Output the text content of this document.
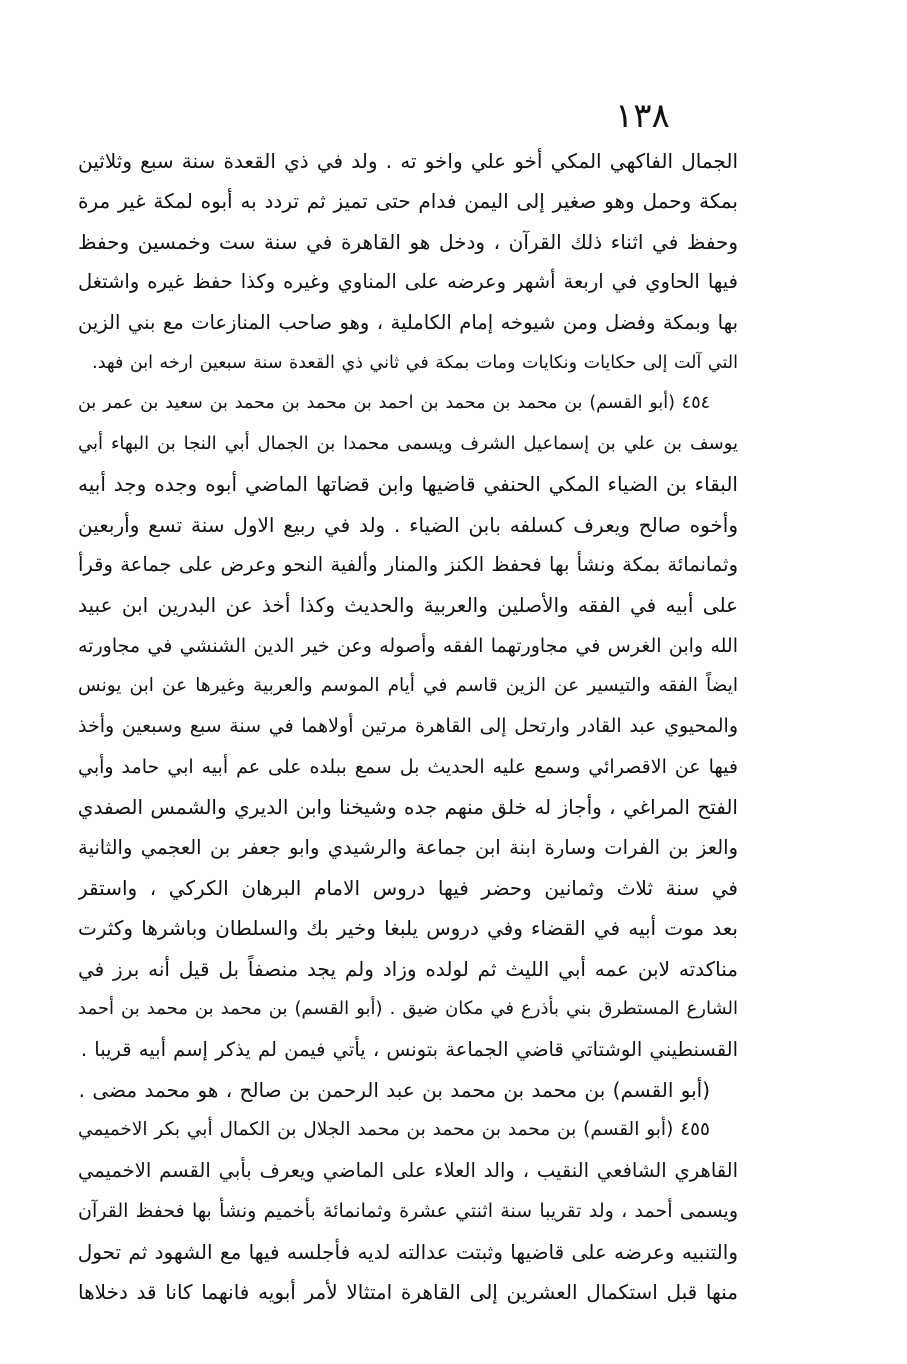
١٣٨
الجمال الفاكهي المكي أخو علي واخو ته . ولد في ذي القعدة سنة سبع وثلاثين
بمكة وحمل وهو صغير إلى اليمن فدام حتى تميز ثم تردد به أبوه لمكة غير مرة
وحفظ في اثناء ذلك القرآن ، ودخل هو القاهرة في سنة ست وخمسين وحفظ
فيها الحاوي في اربعة أشهر وعرضه على المناوي وغيره وكذا حفظ غيره واشتغل
بها وبمكة وفضل ومن شيوخه إمام الكاملية ، وهو صاحب المنازعات مع بني الزين
التي آلت إلى حكايات ونكايات ومات بمكة في ثاني ذي القعدة سنة سبعين ارخه ابن فهد.
٤٥٤ (أبو القسم) بن محمد بن محمد بن احمد بن محمد بن محمد بن سعيد بن عمر بن
يوسف بن علي بن إسماعيل الشرف ويسمى محمدا بن الجمال أبي النجا بن البهاء أبي
البقاء بن الضياء المكي الحنفي قاضيها وابن قضاتها الماضي أبوه وجده وجد أبيه
وأخوه صالح ويعرف كسلفه بابن الضياء . ولد في ربيع الاول سنة تسع وأربعين
وثمانمائة بمكة ونشأ بها فحفظ الكنز والمنار وألفية النحو وعرض على جماعة وقرأ
على أبيه في الفقه والأصلين والعربية والحديث وكذا أخذ عن البدرين ابن عبيد
الله وابن الغرس في مجاورتهما الفقه وأصوله وعن خير الدين الشنشي في مجاورته
ايضاً الفقه والتيسير عن الزين قاسم في أيام الموسم والعربية وغيرها عن ابن يونس
والمحيوي عبد القادر وارتحل إلى القاهرة مرتين أولاهما في سنة سبع وسبعين وأخذ
فيها عن الاقصرائي وسمع عليه الحديث بل سمع ببلده على عم أبيه ابي حامد وأبي
الفتح المراغي ، وأجاز له خلق منهم جده وشيخنا وابن الديري والشمس الصفدي
والعز بن الفرات وسارة ابنة ابن جماعة والرشيدي وابو جعفر بن العجمي والثانية
في سنة ثلاث وثمانين وحضر فيها دروس الامام البرهان الكركي ، واستقر
بعد موت أبيه في القضاء وفي دروس يلبغا وخير بك والسلطان وباشرها وكثرت
مناكدته لابن عمه أبي الليث ثم لولده وزاد ولم يجد منصفاً بل قيل أنه برز في
الشارع المستطرق بني بأذرع في مكان ضيق . (أبو القسم) بن محمد بن محمد بن أحمد
القسنطيني الوشتاتي قاضي الجماعة بتونس ، يأتي فيمن لم يذكر إسم أبيه قريبا .
(أبو القسم) بن محمد بن محمد بن عبد الرحمن بن صالح ، هو محمد مضى .
٤٥٥ (أبو القسم) بن محمد بن محمد بن محمد الجلال بن الكمال أبي بكر الاخميمي
القاهري الشافعي النقيب ، والد العلاء على الماضي ويعرف بأبي القسم الاخميمي
ويسمى أحمد ، ولد تقريبا سنة اثنتي عشرة وثمانمائة بأخميم ونشأ بها فحفظ القرآن
والتنبيه وعرضه على قاضيها وثبتت عدالته لديه فأجلسه فيها مع الشهود ثم تحول
منها قبل استكمال العشرين إلى القاهرة امتثالا لأمر أبويه فانهما كانا قد دخلاها
